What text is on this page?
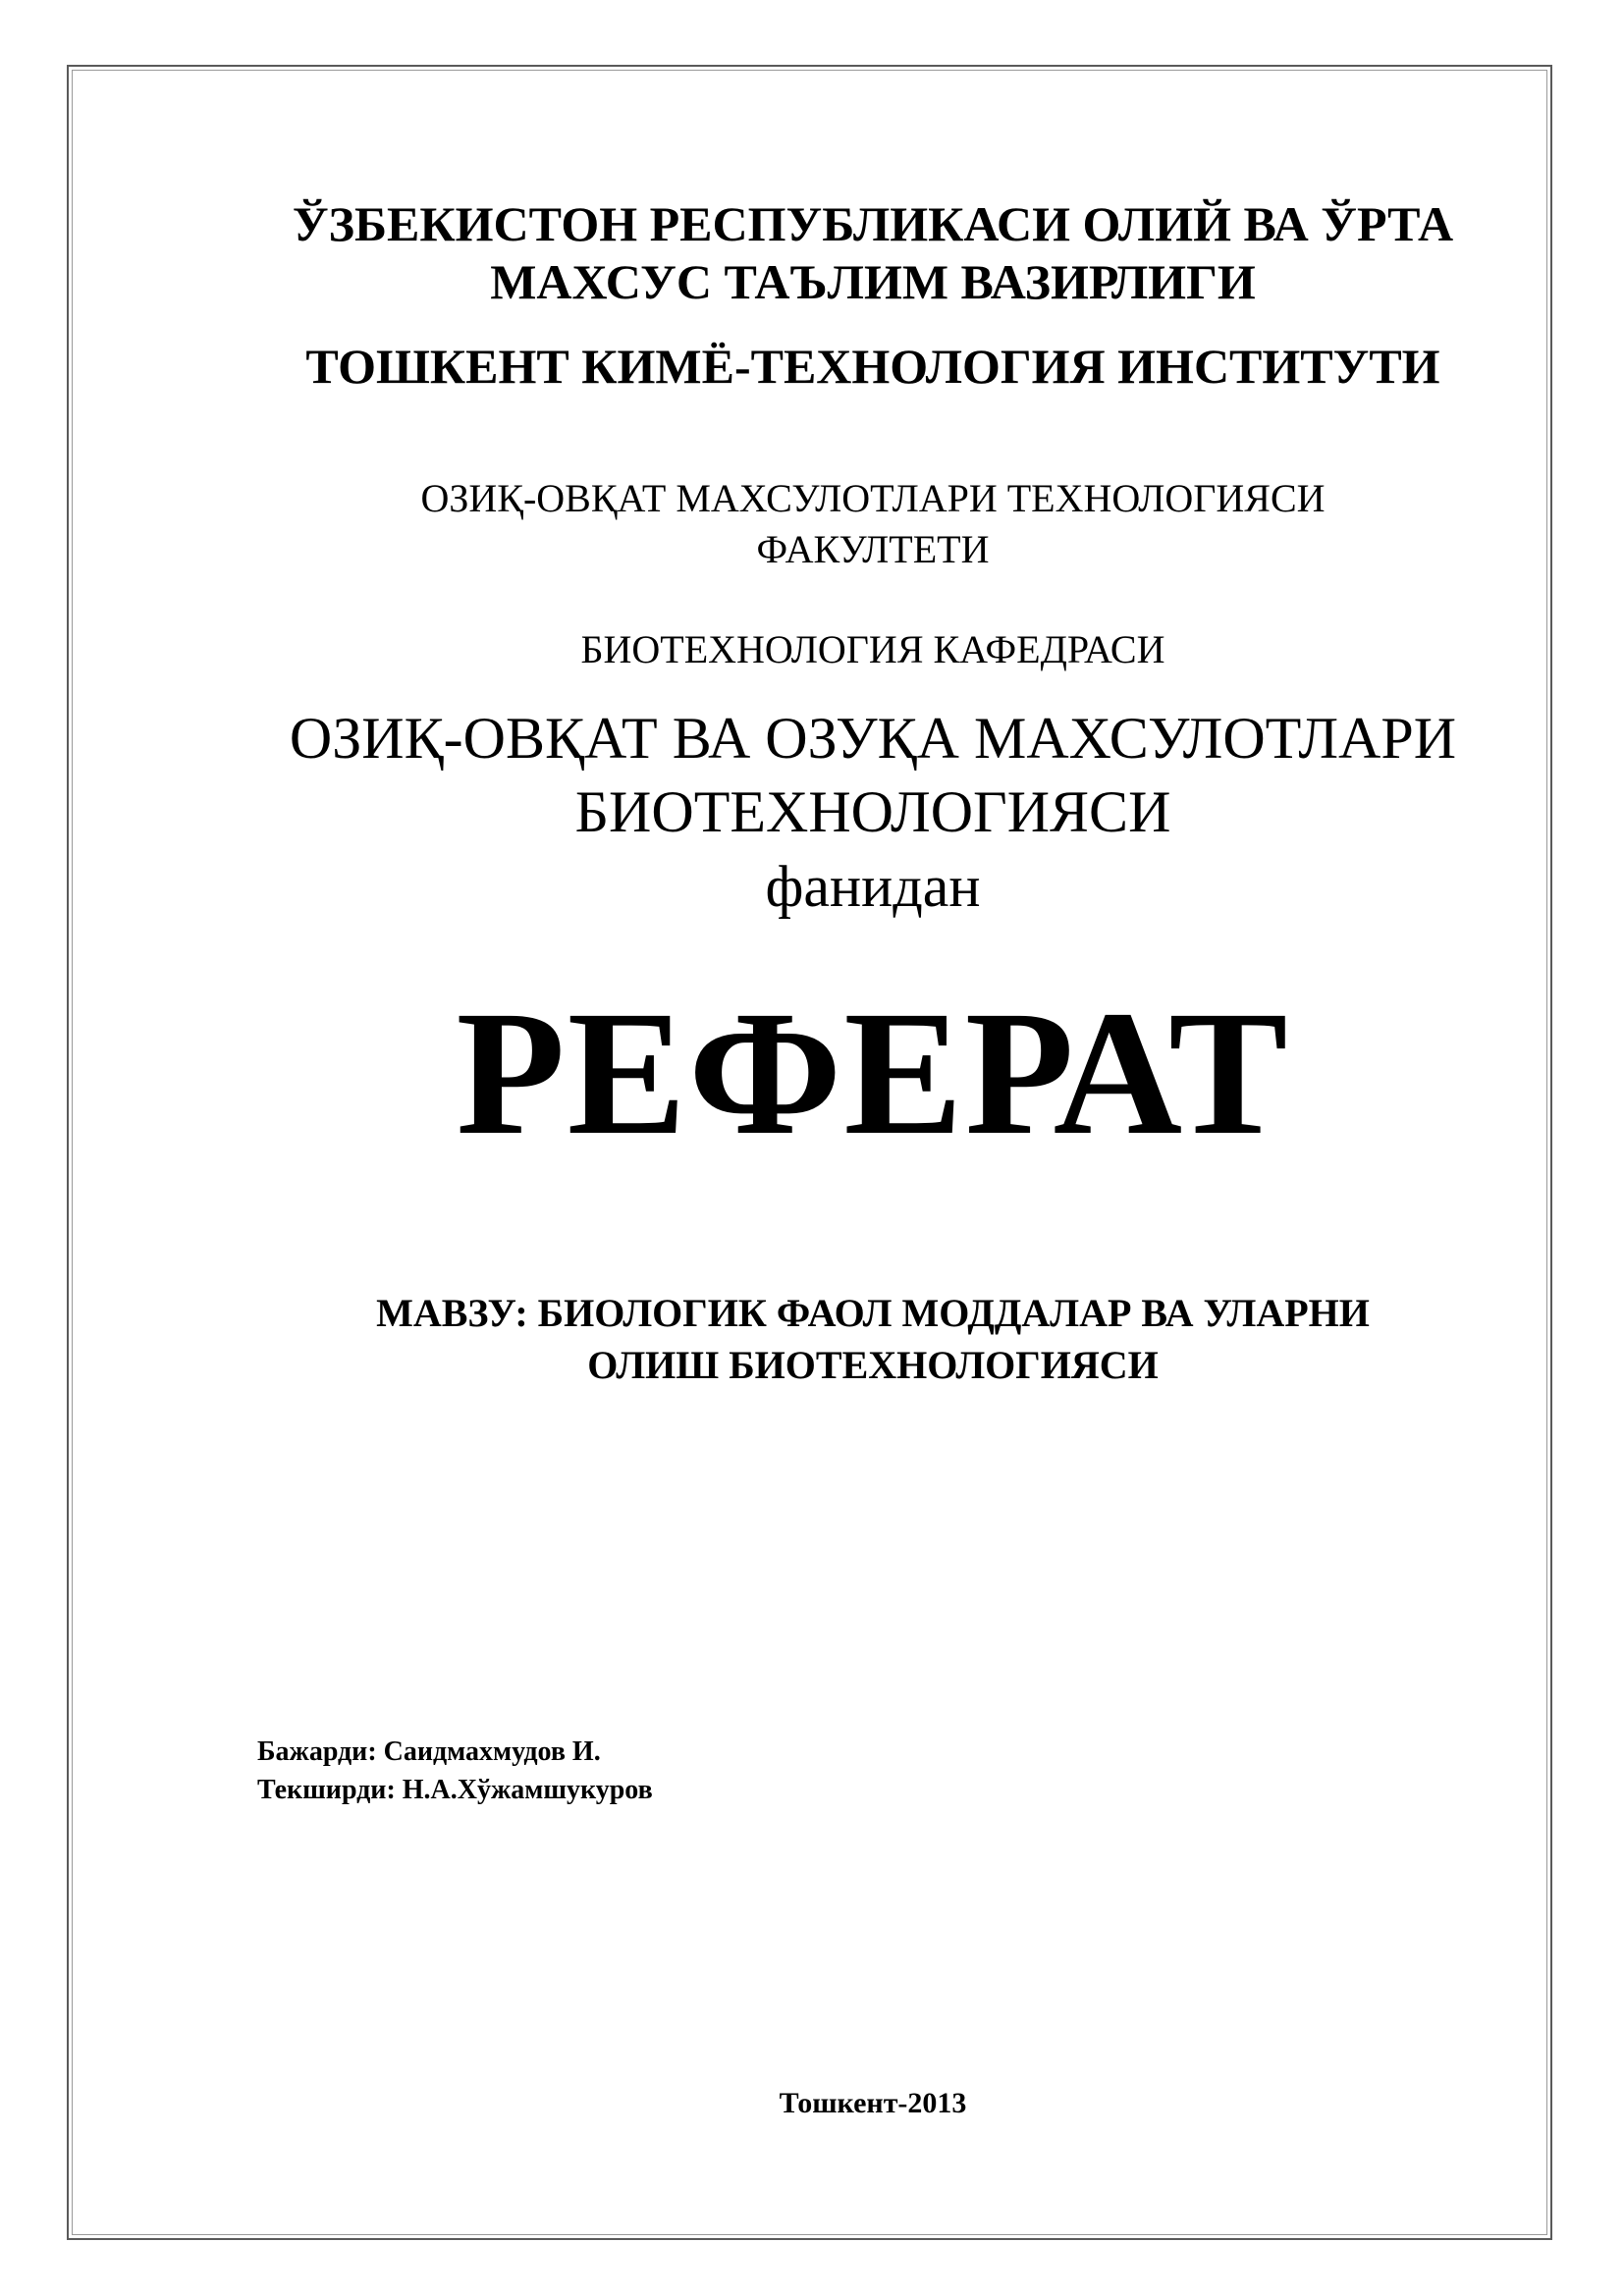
ЎЗБЕКИСТОН РЕСПУБЛИКАСИ ОЛИЙ ВА ЎРТА
МАХСУС ТАЪЛИМ ВАЗИРЛИГИ
ТОШКЕНТ КИМЁ-ТЕХНОЛОГИЯ ИНСТИТУТИ
ОЗИҚ-ОВҚАТ МАХСУЛОТЛАРИ ТЕХНОЛОГИЯСИ
ФАКУЛТЕТИ
БИОТЕХНОЛОГИЯ КАФЕДРАСИ
ОЗИҚ-ОВҚАТ ВА ОЗУҚА МАХСУЛОТЛАРИ
БИОТЕХНОЛОГИЯСИ
фанидан
РЕФЕРАТ
МАВЗУ: БИОЛОГИК ФАОЛ МОДДАЛАР ВА УЛАРНИ
ОЛИШ БИОТЕХНОЛОГИЯСИ
Бажарди: Саидмахмудов И.
Текширди: Н.А.Хўжамшукуров
Тошкент-2013
